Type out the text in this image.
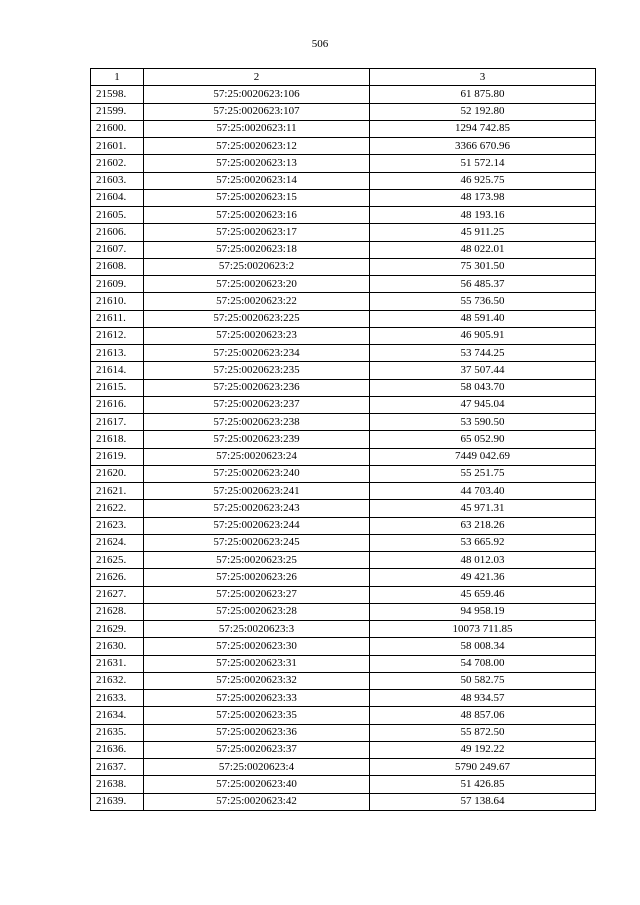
506
1	2	3
21598.	57:25:0020623:106	61 875.80
21599.	57:25:0020623:107	52 192.80
21600.	57:25:0020623:11	1294 742.85
21601.	57:25:0020623:12	3366 670.96
21602.	57:25:0020623:13	51 572.14
21603.	57:25:0020623:14	46 925.75
21604.	57:25:0020623:15	48 173.98
21605.	57:25:0020623:16	48 193.16
21606.	57:25:0020623:17	45 911.25
21607.	57:25:0020623:18	48 022.01
21608.	57:25:0020623:2	75 301.50
21609.	57:25:0020623:20	56 485.37
21610.	57:25:0020623:22	55 736.50
21611.	57:25:0020623:225	48 591.40
21612.	57:25:0020623:23	46 905.91
21613.	57:25:0020623:234	53 744.25
21614.	57:25:0020623:235	37 507.44
21615.	57:25:0020623:236	58 043.70
21616.	57:25:0020623:237	47 945.04
21617.	57:25:0020623:238	53 590.50
21618.	57:25:0020623:239	65 052.90
21619.	57:25:0020623:24	7449 042.69
21620.	57:25:0020623:240	55 251.75
21621.	57:25:0020623:241	44 703.40
21622.	57:25:0020623:243	45 971.31
21623.	57:25:0020623:244	63 218.26
21624.	57:25:0020623:245	53 665.92
21625.	57:25:0020623:25	48 012.03
21626.	57:25:0020623:26	49 421.36
21627.	57:25:0020623:27	45 659.46
21628.	57:25:0020623:28	94 958.19
21629.	57:25:0020623:3	10073 711.85
21630.	57:25:0020623:30	58 008.34
21631.	57:25:0020623:31	54 708.00
21632.	57:25:0020623:32	50 582.75
21633.	57:25:0020623:33	48 934.57
21634.	57:25:0020623:35	48 857.06
21635.	57:25:0020623:36	55 872.50
21636.	57:25:0020623:37	49 192.22
21637.	57:25:0020623:4	5790 249.67
21638.	57:25:0020623:40	51 426.85
21639.	57:25:0020623:42	57 138.64
